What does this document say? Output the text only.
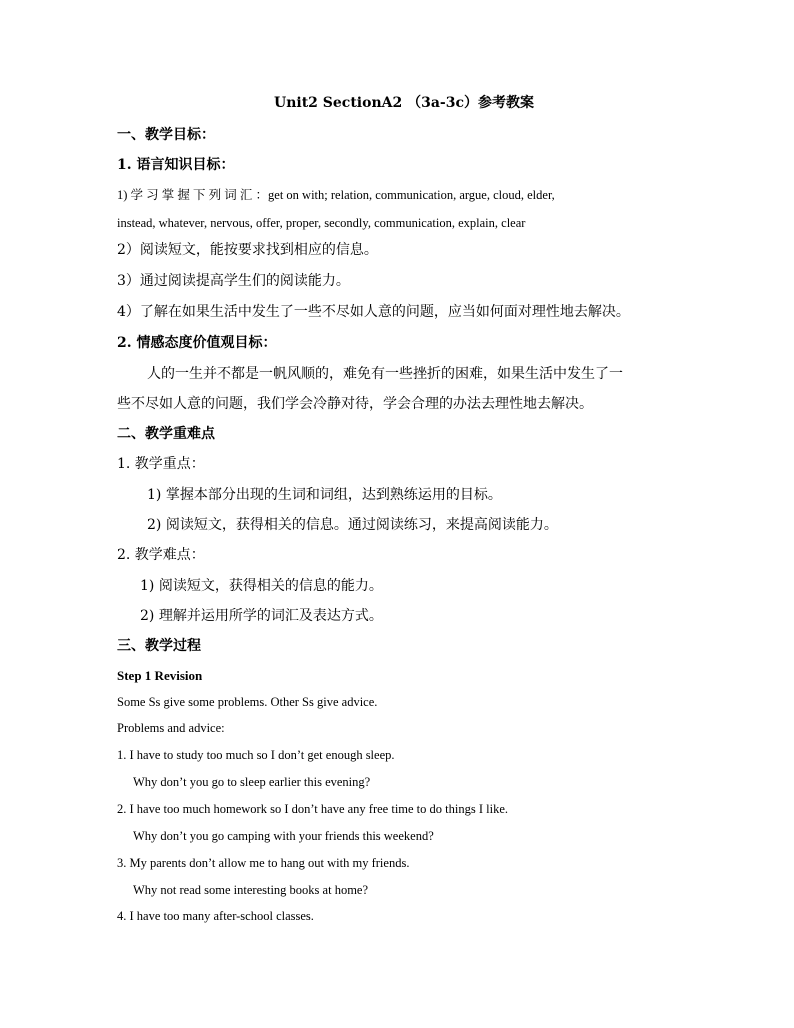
Unit2 SectionA2 （3a-3c）参考教案
一、教学目标：
1. 语言知识目标：
1) 学 习 掌 握 下 列 词 汇 ：get on with; relation, communication, argue, cloud, elder,
instead, whatever, nervous, offer, proper, secondly, communication, explain, clear
2）阅读短文，能按要求找到相应的信息。
3）通过阅读提高学生们的阅读能力。
4）了解在如果生活中发生了一些不尽如人意的问题，应当如何面对理性地去解决。
2. 情感态度价值观目标：
人的一生并不都是一帆风顺的，难免有一些挫折的困难，如果生活中发生了一
些不尽如人意的问题，我们学会冷静对待，学会合理的办法去理性地去解决。
二、教学重难点
1. 教学重点：
1) 掌握本部分出现的生词和词组，达到熟练运用的目标。
2) 阅读短文，获得相关的信息。通过阅读练习，来提高阅读能力。
2. 教学难点：
1) 阅读短文，获得相关的信息的能力。
2) 理解并运用所学的词汇及表达方式。
三、教学过程
Step 1 Revision
Some Ss give some problems. Other Ss give advice.
Problems and advice:
1. I have to study too much so I don’t get enough sleep.
Why don’t you go to sleep earlier this evening?
2. I have too much homework so I don’t have any free time to do things I like.
Why don’t you go camping with your friends this weekend?
3. My parents don’t allow me to hang out with my friends.
Why not read some interesting books at home?
4. I have too many after-school classes.
